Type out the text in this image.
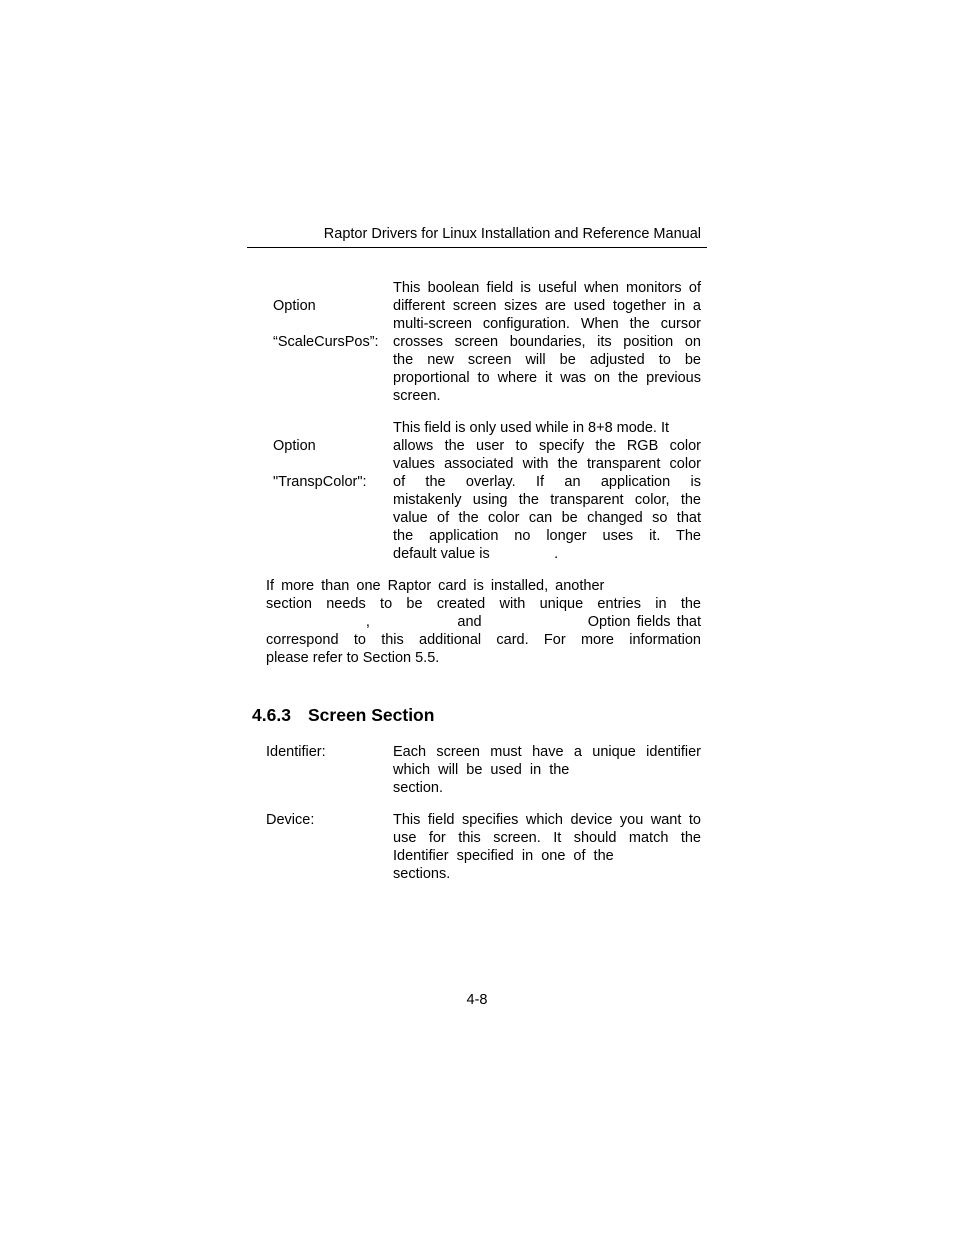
Raptor Drivers for Linux Installation and Reference Manual

Option

“ScaleCursPos”:

This boolean field is useful when monitors of
different screen sizes are used together in a
multi-screen configuration. When the cursor
crosses screen boundaries, its position on
the new screen will be adjusted to be
proportional to where it was on the previous
screen.

Option

"TranspColor":

This field is only used while in 8+8 mode. It
allows the user to specify the RGB color
values associated with the transparent color
of the overlay. If an application is
mistakenly using the transparent color, the
value of the color can be changed so that
the application no longer uses it. The
default value is                .
If more than one Raptor card is installed, another
section needs to be created with unique entries in the
,              and                 Option fields that
correspond to this additional card. For more information
please refer to Section 5.5.
4.6.3 Screen Section
Identifier:	Each screen must have a unique identifier
which will be used in the
section.
Device:	This field specifies which device you want to
use for this screen. It should match the
Identifier specified in one of the
sections.
4-8
